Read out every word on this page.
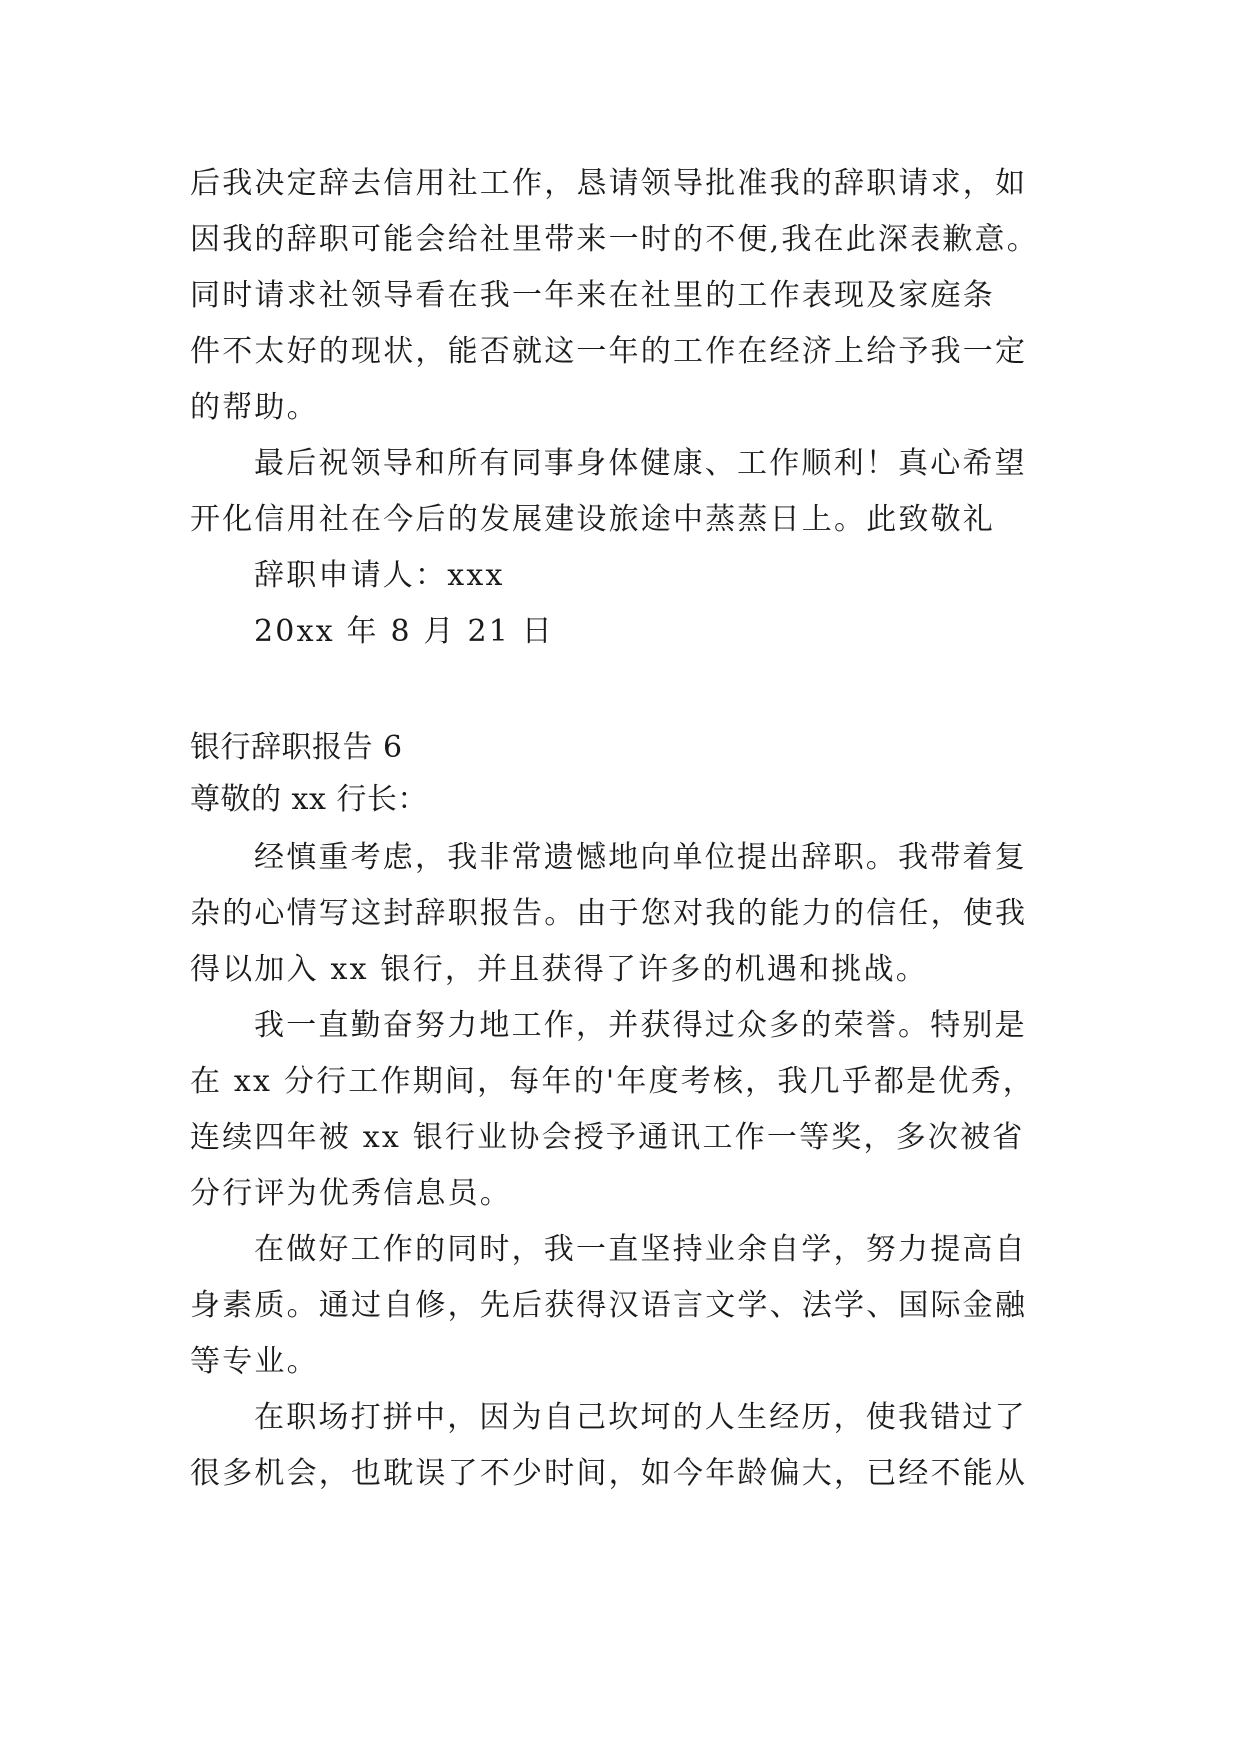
后我决定辞去信用社工作，恳请领导批准我的辞职请求，如
因我的辞职可能会给社里带来一时的不便,我在此深表歉意。
同时请求社领导看在我一年来在社里的工作表现及家庭条
件不太好的现状，能否就这一年的工作在经济上给予我一定
的帮助。
最后祝领导和所有同事身体健康、工作顺利！真心希望
开化信用社在今后的发展建设旅途中蒸蒸日上。此致敬礼
辞职申请人：xxx
20xx 年 8 月 21 日
银行辞职报告 6
尊敬的 xx 行长：
经慎重考虑，我非常遗憾地向单位提出辞职。我带着复
杂的心情写这封辞职报告。由于您对我的能力的信任，使我
得以加入 xx 银行，并且获得了许多的机遇和挑战。
我一直勤奋努力地工作，并获得过众多的荣誉。特别是
在 xx 分行工作期间，每年的'年度考核，我几乎都是优秀，
连续四年被 xx 银行业协会授予通讯工作一等奖，多次被省
分行评为优秀信息员。
在做好工作的同时，我一直坚持业余自学，努力提高自
身素质。通过自修，先后获得汉语言文学、法学、国际金融
等专业。
在职场打拼中，因为自己坎坷的人生经历，使我错过了
很多机会，也耽误了不少时间，如今年龄偏大，已经不能从
